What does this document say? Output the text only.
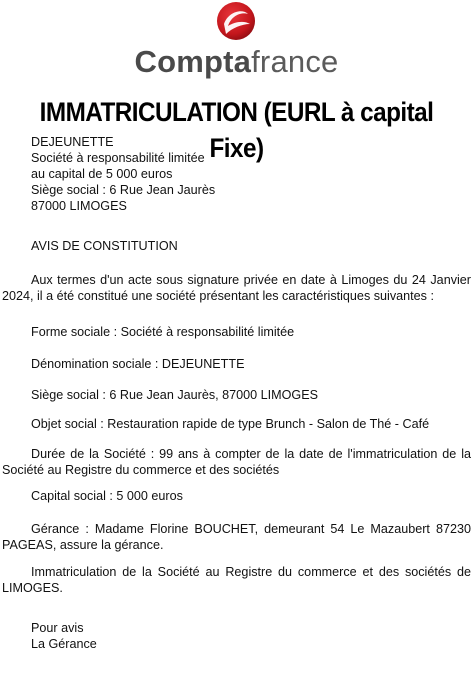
Comptafrance
IMMATRICULATION (EURL à capital Fixe)
DEJEUNETTE
Société à responsabilité limitée
au capital de 5 000 euros
Siège social : 6 Rue Jean Jaurès
87000 LIMOGES
AVIS DE CONSTITUTION
Aux termes d'un acte sous signature privée en date à Limoges du 24 Janvier 2024, il a été constitué une société présentant les caractéristiques suivantes :
Forme sociale : Société à responsabilité limitée
Dénomination sociale : DEJEUNETTE
Siège social : 6 Rue Jean Jaurès, 87000 LIMOGES
Objet social : Restauration rapide de type Brunch - Salon de Thé - Café
Durée de la Société : 99 ans à compter de la date de l'immatriculation de la Société au Registre du commerce et des sociétés
Capital social : 5 000 euros
Gérance : Madame Florine BOUCHET, demeurant 54 Le Mazaubert 87230 PAGEAS, assure la gérance.
Immatriculation de la Société au Registre du commerce et des sociétés de LIMOGES.
Pour avis
La Gérance
